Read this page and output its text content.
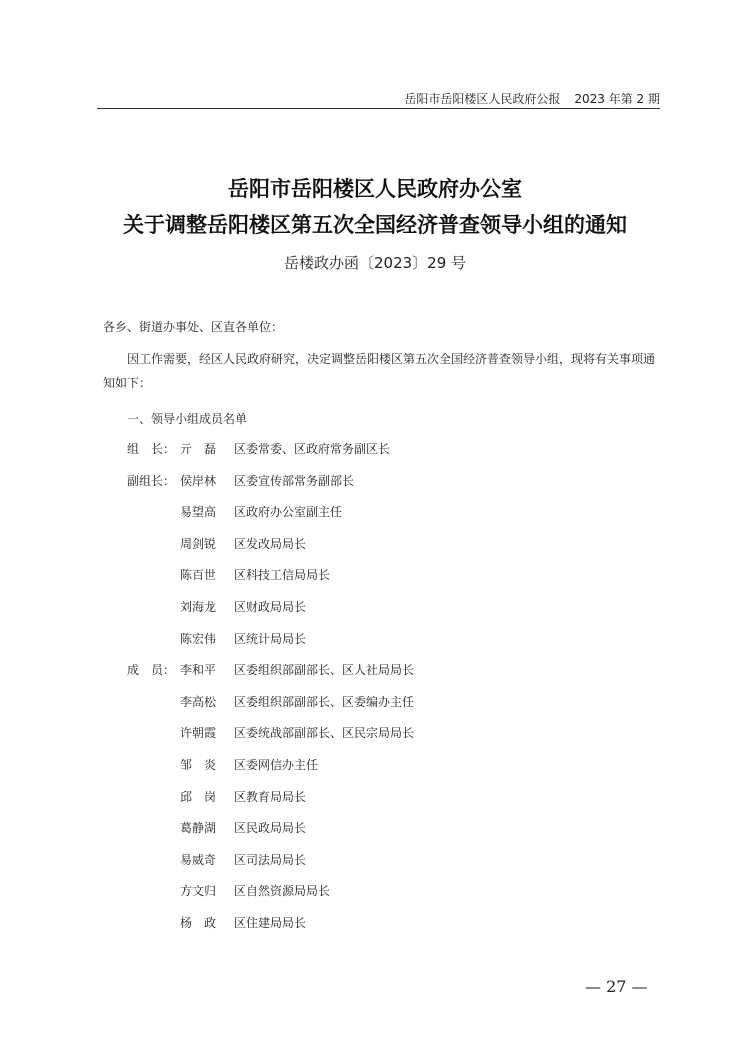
岳阳市岳阳楼区人民政府公报 2023 年第 2 期
岳阳市岳阳楼区人民政府办公室
关于调整岳阳楼区第五次全国经济普查领导小组的通知
岳楼政办函〔2023〕29 号
各乡、街道办事处、区直各单位：
因工作需要，经区人民政府研究，决定调整岳阳楼区第五次全国经济普查领导小组，现将有关事项通知如下：
一、领导小组成员名单
组　长： 亓　磊	区委常委、区政府常务副区长
副组长： 侯岸林	区委宣传部常务副部长
易望高	区政府办公室副主任
周剑锐	区发改局局长
陈百世	区科技工信局局长
刘海龙	区财政局局长
陈宏伟	区统计局局长
成　员： 李和平	区委组织部副部长、区人社局局长
李高松	区委组织部副部长、区委编办主任
许朝霞	区委统战部副部长、区民宗局局长
邹　炎	区委网信办主任
邱　岗	区教育局局长
葛静湖	区民政局局长
易威奇	区司法局局长
方文归	区自然资源局局长
杨　政	区住建局局长
— 27 —
